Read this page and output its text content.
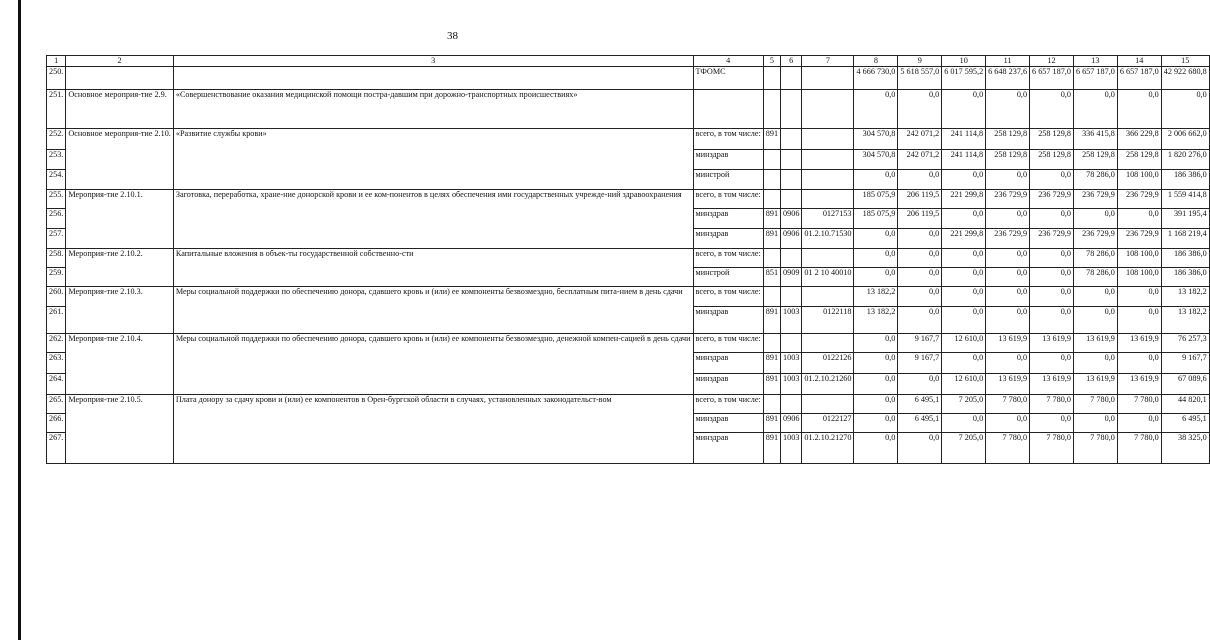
38
1	2	3	4	5	6	7	8	9	10	11	12	13	14	15
250.			ТФОМС				4 666 730,0	5 618 557,0	6 017 595,2	6 648 237,6	6 657 187,0	6 657 187,0	6 657 187,0	42 922 680,8
251.	Основное мероприя-тие 2.9.	«Совершенствование оказания медицинской помощи постра-давшим при дорожно-транспортных происшествиях»					0,0	0,0	0,0	0,0	0,0	0,0	0,0	0,0
252.	Основное мероприя-тие 2.10.	«Развитие службы крови»	всего, в том числе:	891			304 570,8	242 071,2	241 114,8	258 129,8	258 129,8	336 415,8	366 229,8	2 006 662,0
253.			минздрав				304 570,8	242 071,2	241 114,8	258 129,8	258 129,8	258 129,8	258 129,8	1 820 276,0
254.			минстрой				0,0	0,0	0,0	0,0	0,0	78 286,0	108 100,0	186 386,0
255.	Мероприя-тие 2.10.1.	Заготовка, переработка, хране-ние донорской крови и ее ком-понентов в целях обеспечения ими государственных учрежде-ний здравоохранения	всего, в том числе:				185 075,9	206 119,5	221 299,8	236 729,9	236 729,9	236 729,9	236 729,9	1 559 414,8
256.			минздрав	891	0906	0127153	185 075,9	206 119,5	0,0	0,0	0,0	0,0	0,0	391 195,4
257.			минздрав	891	0906	01.2.10.71530	0,0	0,0	221 299,8	236 729,9	236 729,9	236 729,9	236 729,9	1 168 219,4
258.	Мероприя-тие 2.10.2.	Капитальные вложения в объек-ты государственной собственно-сти	всего, в том числе:				0,0	0,0	0,0	0,0	0,0	78 286,0	108 100,0	186 386,0
259.			минстрой	851	0909	01 2 10 40010	0,0	0,0	0,0	0,0	0,0	78 286,0	108 100,0	186 386,0
260.	Мероприя-тие 2.10.3.	Меры социальной поддержки по обеспечению донора, сдавшего кровь и (или) ее компоненты безвозмездно, бесплатным пита-нием в день сдачи	всего, в том числе:				13 182,2	0,0	0,0	0,0	0,0	0,0	0,0	13 182,2
261.			минздрав	891	1003	0122118	13 182,2	0,0	0,0	0,0	0,0	0,0	0,0	13 182,2
262.	Мероприя-тие 2.10.4.	Меры социальной поддержки по обеспечению донора, сдавшего кровь и (или) ее компоненты безвозмездно, денежной компен-сацией в день сдачи	всего, в том числе:				0,0	9 167,7	12 610,0	13 619,9	13 619,9	13 619,9	13 619,9	76 257,3
263.			минздрав	891	1003	0122126	0,0	9 167,7	0,0	0,0	0,0	0,0	0,0	9 167,7
264.			минздрав	891	1003	01.2.10.21260	0,0	0,0	12 610,0	13 619,9	13 619,9	13 619,9	13 619,9	67 089,6
265.	Мероприя-тие 2.10.5.	Плата донору за сдачу крови и (или) ее компонентов в Орен-бургской области в случаях, установленных законодательст-вом	всего, в том числе:				0,0	6 495,1	7 205,0	7 780,0	7 780,0	7 780,0	7 780,0	44 820,1
266.			минздрав	891	0906	0122127	0,0	6 495,1	0,0	0,0	0,0	0,0	0,0	6 495,1
267.			минздрав	891	1003	01.2.10.21270	0,0	0,0	7 205,0	7 780,0	7 780,0	7 780,0	7 780,0	38 325,0
